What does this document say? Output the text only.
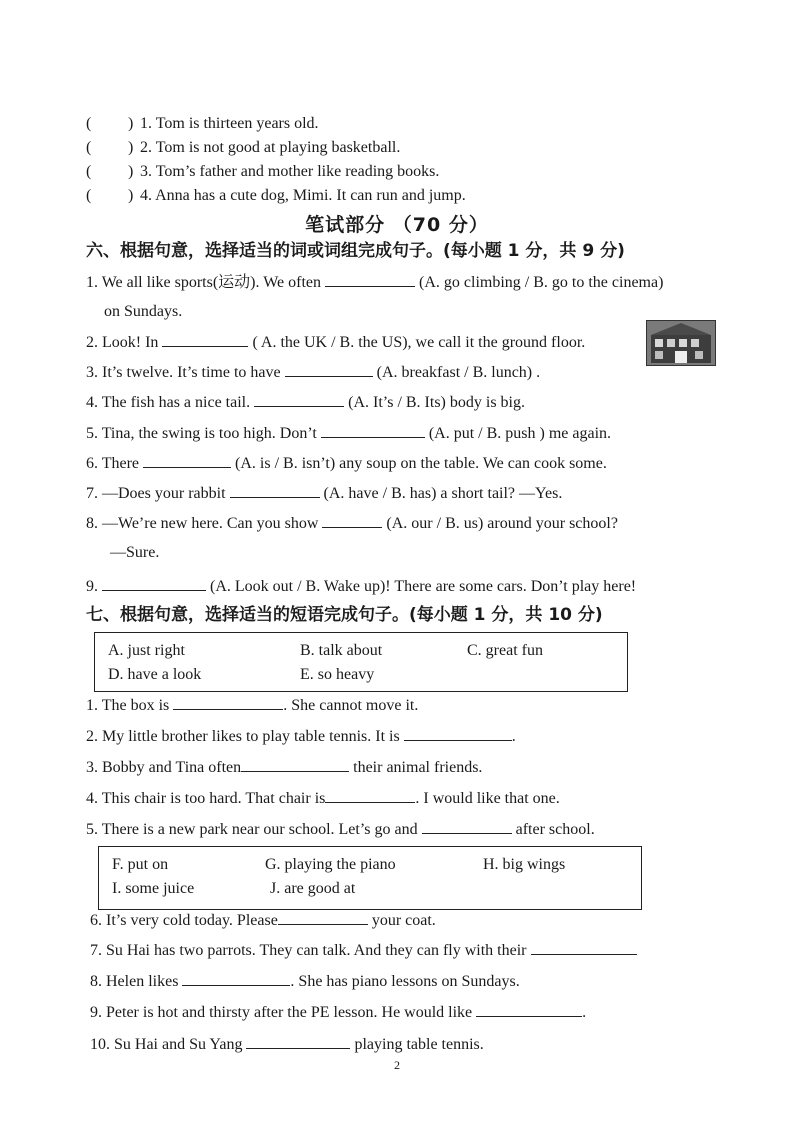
( ) 1. Tom is thirteen years old.
( ) 2. Tom is not good at playing basketball.
( ) 3. Tom’s father and mother like reading books.
( ) 4. Anna has a cute dog, Mimi. It can run and jump.
笔试部分 （70 分）
六、根据句意，选择适当的词或词组完成句子。(每小题 1 分，共 9 分)
1. We all like sports(运动). We often	(A. go climbing / B. go to the cinema)
on Sundays.
2. Look! In	( A. the UK / B. the US), we call it the ground floor.
3. It’s twelve. It’s time to have	(A. breakfast / B. lunch) .
4. The fish has a nice tail.	(A. It’s / B. Its) body is big.
5. Tina, the swing is too high. Don’t	(A. put / B. push ) me again.
6. There	(A. is / B. isn’t) any soup on the table. We can cook some.
7. —Does your rabbit	(A. have / B. has) a short tail? —Yes.
8. —We’re new here. Can you show	(A. our / B. us) around your school?
—Sure.
9.	(A. Look out / B. Wake up)! There are some cars. Don’t play here!
七、根据句意，选择适当的短语完成句子。(每小题 1 分，共 10 分)
A. just right	B. talk about	C. great fun
D. have a look	E. so heavy
1. The box is	. She cannot move it.
2. My little brother likes to play table tennis. It is	.
3. Bobby and Tina often	their animal friends.
4. This chair is too hard. That chair is	. I would like that one.
5. There is a new park near our school. Let’s go and	after school.
F. put on	G. playing the piano	H. big wings
I. some juice	J. are good at
6. It’s very cold today. Please	your coat.
7. Su Hai has two parrots. They can talk. And they can fly with their
8. Helen likes	. She has piano lessons on Sundays.
9. Peter is hot and thirsty after the PE lesson. He would like	.
10. Su Hai and Su Yang	playing table tennis.
2
